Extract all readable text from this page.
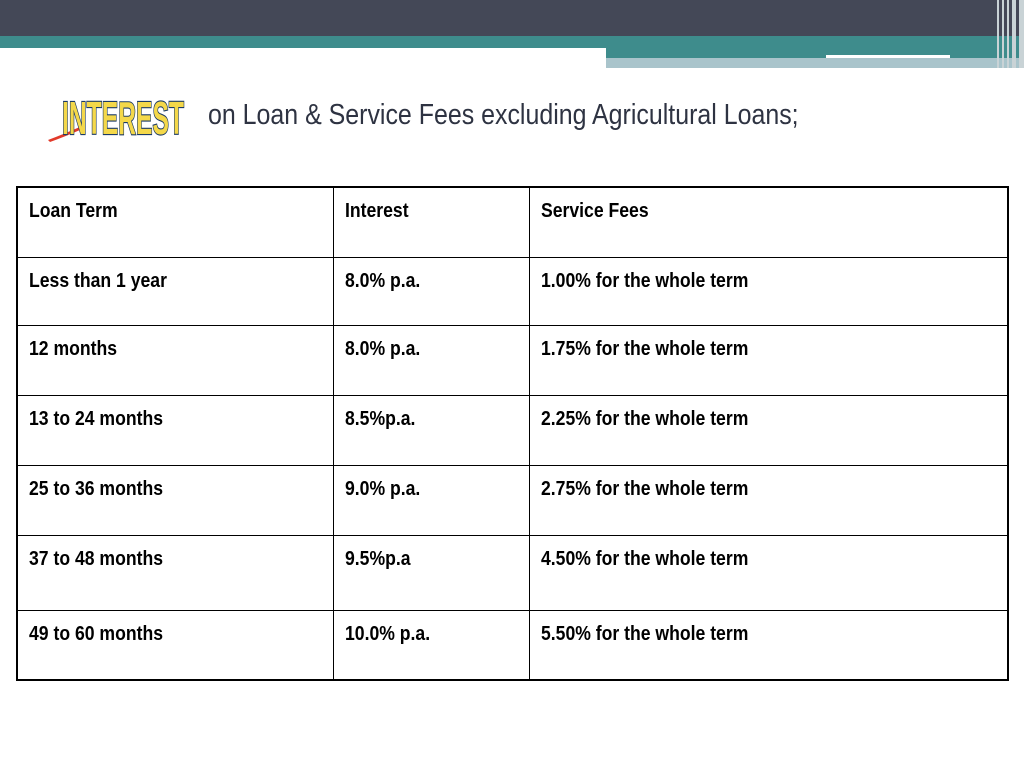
INTEREST on Loan & Service Fees excluding Agricultural Loans;
Loan Term	Interest	Service Fees
Less than 1 year	8.0% p.a.	1.00% for the whole term
12 months	8.0% p.a.	1.75% for the whole term
13 to 24 months	8.5%p.a.	2.25% for the whole term
25 to 36 months	9.0% p.a.	2.75% for the whole term
37 to 48 months	9.5%p.a	4.50% for the whole term
49 to 60 months	10.0% p.a.	5.50% for the whole term
